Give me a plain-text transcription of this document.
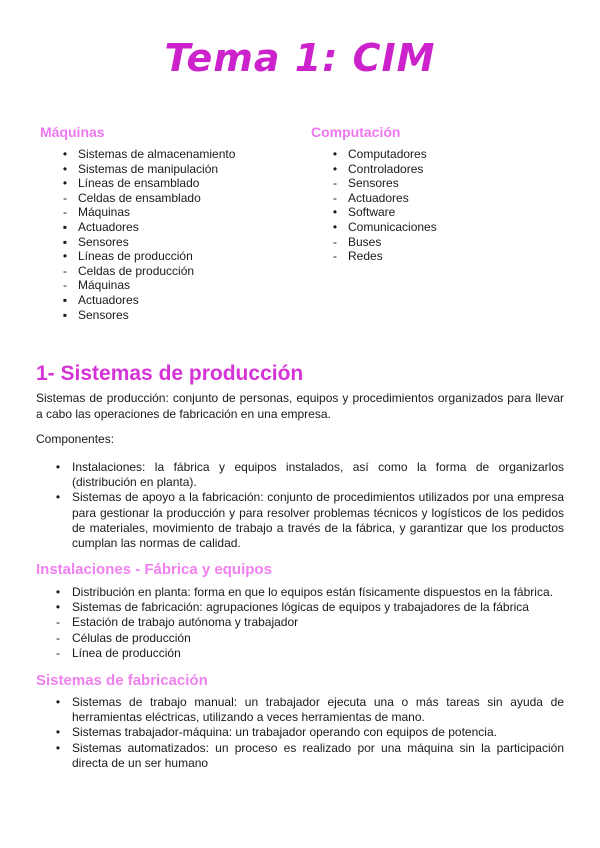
Tema 1: CIM
Máquinas
• Sistemas de almacenamiento
• Sistemas de manipulación
• Líneas de ensamblado
- Celdas de ensamblado
- Máquinas
▪ Actuadores
▪ Sensores
• Líneas de producción
- Celdas de producción
- Máquinas
▪ Actuadores
▪ Sensores
Computación
• Computadores
• Controladores
- Sensores
- Actuadores
• Software
• Comunicaciones
- Buses
- Redes
1- Sistemas de producción
Sistemas de producción: conjunto de personas, equipos y procedimientos organizados para llevar a cabo las operaciones de fabricación en una empresa.
Componentes:
• Instalaciones: la fábrica y equipos instalados, así como la forma de organizarlos (distribución en planta).
• Sistemas de apoyo a la fabricación: conjunto de procedimientos utilizados por una empresa para gestionar la producción y para resolver problemas técnicos y logísticos de los pedidos de materiales, movimiento de trabajo a través de la fábrica, y garantizar que los productos cumplan las normas de calidad.
Instalaciones - Fábrica y equipos
• Distribución en planta: forma en que lo equipos están físicamente dispuestos en la fábrica.
• Sistemas de fabricación: agrupaciones lógicas de equipos y trabajadores de la fábrica
-	Estación de trabajo autónoma y trabajador
-	Células de producción
-	Línea de producción
Sistemas de fabricación
• Sistemas de trabajo manual: un trabajador ejecuta una o más tareas sin ayuda de herramientas eléctricas, utilizando a veces herramientas de mano.
• Sistemas trabajador-máquina: un trabajador operando con equipos de potencia.
• Sistemas automatizados: un proceso es realizado por una máquina sin la participación directa de un ser humano
